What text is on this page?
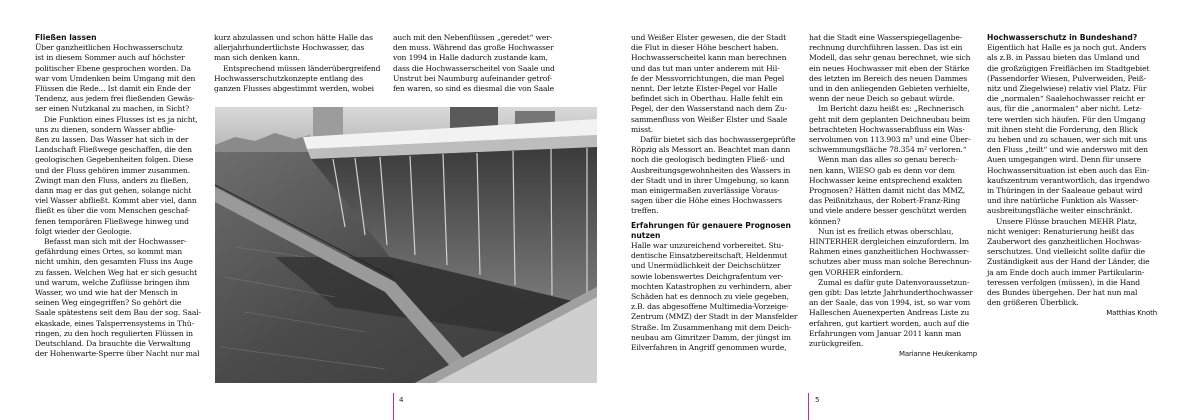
Fließen lassen

Über ganzheitlichen Hochwasserschutz

ist in diesem Sommer auch auf höchster

politischer Ebene gesprochen worden. Da

war vom Umdenken beim Umgang mit den

Flüssen die Rede... Ist damit ein Ende der

Tendenz, aus jedem frei fließenden Gewäs-

ser einen Nutzkanal zu machen, in Sicht?

Die Funktion eines Flusses ist es ja nicht,

uns zu dienen, sondern Wasser abflie-

ßen zu lassen. Das Wasser hat sich in der

Landschaft Fließwege geschaffen, die den

geologischen Gegebenheiten folgen. Diese

und der Fluss gehören immer zusammen.

Zwingt man den Fluss, anders zu fließen,

dann mag er das gut gehen, solange nicht

viel Wasser abfließt. Kommt aber viel, dann

fließt es über die vom Menschen geschaf-

fenen temporären Fließwege hinweg und

folgt wieder der Geologie.

Befasst man sich mit der Hochwasser-

gefährdung eines Ortes, so kommt man

nicht umhin, den gesamten Fluss ins Auge

zu fassen. Welchen Weg hat er sich gesucht

und warum, welche Zuflüsse bringen ihm

Wasser, wo und wie hat der Mensch in

seinen Weg eingegriffen? So gehört die

Saale spätestens seit dem Bau der sog. Saal-

ekaskade, eines Talsperrensystems in Thü-

ringen, zu den hoch regulierten Flüssen in

Deutschland. Da brauchte die Verwaltung

der Hohenwarte-Sperre über Nacht nur mal

kurz abzulassen und schon hätte Halle das

allerjahrhundertlichste Hochwasser, das

man sich denken kann.

Entsprechend müssen länderübergreifend

Hochwasserschutzkonzepte entlang des

ganzen Flusses abgestimmt werden, wobei

auch mit den Nebenflüssen „geredet“ wer-

den muss. Während das große Hochwasser

von 1994 in Halle dadurch zustande kam,

dass die Hochwasserscheitel von Saale und

Unstrut bei Naumburg aufeinander getrof-

fen waren, so sind es diesmal die von Saale

und Weißer Elster gewesen, die der Stadt

die Flut in dieser Höhe beschert haben.

Hochwasserscheitel kann man berechnen

und das tut man unter anderem mit Hil-

fe der Messvorrichtungen, die man Pegel

nennt. Der letzte Elster-Pegel vor Halle

befindet sich in Oberthau. Halle fehlt ein

Pegel, der den Wasserstand nach dem Zu-

sammenfluss von Weißer Elster und Saale

misst.

Dafür bietet sich das hochwassergeprüfte

Röpzig als Messort an. Beachtet man dann

noch die geologisch bedingten Fließ- und

Ausbreitungsgewohnheiten des Wassers in

der Stadt und in ihrer Umgebung, so kann

man einigermaßen zuverlässige Voraus-

sagen über die Höhe eines Hochwassers

treffen.

Erfahrungen für genauere Prognosen

nutzen

Halle war unzureichend vorbereitet. Stu-

dentische Einsatzbereitschaft, Heldenmut

und Unermüdlichkeit der Deichschützer

sowie lobenswertes Deichgrafentum ver-

mochten Katastrophen zu verhindern, aber

Schäden hat es dennoch zu viele gegeben,

z.B. das abgesoffene Multimedia-Vorzeige-

Zentrum (MMZ) der Stadt in der Mansfelder

Straße. Im Zusammenhang mit dem Deich-

neubau am Gimritzer Damm, der jüngst im

Eilverfahren in Angriff genommen wurde,

hat die Stadt eine Wasserspiegellagenbe-

rechnung durchführen lassen. Das ist ein

Modell, das sehr genau berechnet, wie sich

ein neues Hochwasser mit eben der Stärke

des letzten im Bereich des neuen Dammes

und in den anliegenden Gebieten verhielte,

wenn der neue Deich so gebaut würde.

Im Bericht dazu heißt es: „Rechnerisch

geht mit dem geplanten Deichneubau beim

betrachteten Hochwasserabfluss ein Was-

servolumen von 113.903 m³ und eine Über-

schwemmungsfläche 78.354 m² verloren.“

Wenn man das alles so genau berech-

nen kann, WIESO gab es denn vor dem

Hochwasser keine entsprechend exakten

Prognosen? Hätten damit nicht das MMZ,

das Peißnitzhaus, der Robert-Franz-Ring

und viele andere besser geschützt werden

können?

Nun ist es freilich etwas oberschlau,

HINTERHER dergleichen einzufordern. Im

Rahmen eines ganzheitlichen Hochwasser-

schutzes aber muss man solche Berechnun-

gen VORHER einfordern.

Zumal es dafür gute Datenvoraussetzun-

gen gibt: Das letzte Jahrhunderthochwasser

an der Saale, das von 1994, ist, so war vom

Halleschen Auenexperten Andreas Liste zu

erfahren, gut kartiert worden, auch auf die

Erfahrungen vom Januar 2011 kann man

zurückgreifen.

Marianne Heukenkamp

Hochwasserschutz in Bundeshand?

Eigentlich hat Halle es ja noch gut. Anders

als z.B. in Passau bieten das Umland und

die großzügigen Freiflächen im Stadtgebiet

(Passendorfer Wiesen, Pulverweiden, Peiß-

nitz und Ziegelwiese) relativ viel Platz. Für

die „normalen“ Saalehochwasser reicht er

aus, für die „anormalen“ aber nicht. Letz-

tere werden sich häufen. Für den Umgang

mit ihnen steht die Forderung, den Blick

zu heben und zu schauen, wer sich mit uns

den Fluss „teilt“ und wie anderswo mit den

Auen umgegangen wird. Denn für unsere

Hochwassersituation ist eben auch das Ein-

kaufszentrum verantwortlich, das irgendwo

in Thüringen in der Saaleaue gebaut wird

und ihre natürliche Funktion als Wasser-

ausbreitungsfläche weiter einschränkt.

Unsere Flüsse brauchen MEHR Platz,

nicht weniger: Renaturierung heißt das

Zauberwort des ganzheitlichen Hochwas-

serschutzes. Und vielleicht sollte dafür die

Zuständigkeit aus der Hand der Länder, die

ja am Ende doch auch immer Partikularin-

teressen verfolgen (müssen), in die Hand

des Bundes übergehen. Der hat nun mal

den größeren Überblick.

Matthias Knoth

4	5
